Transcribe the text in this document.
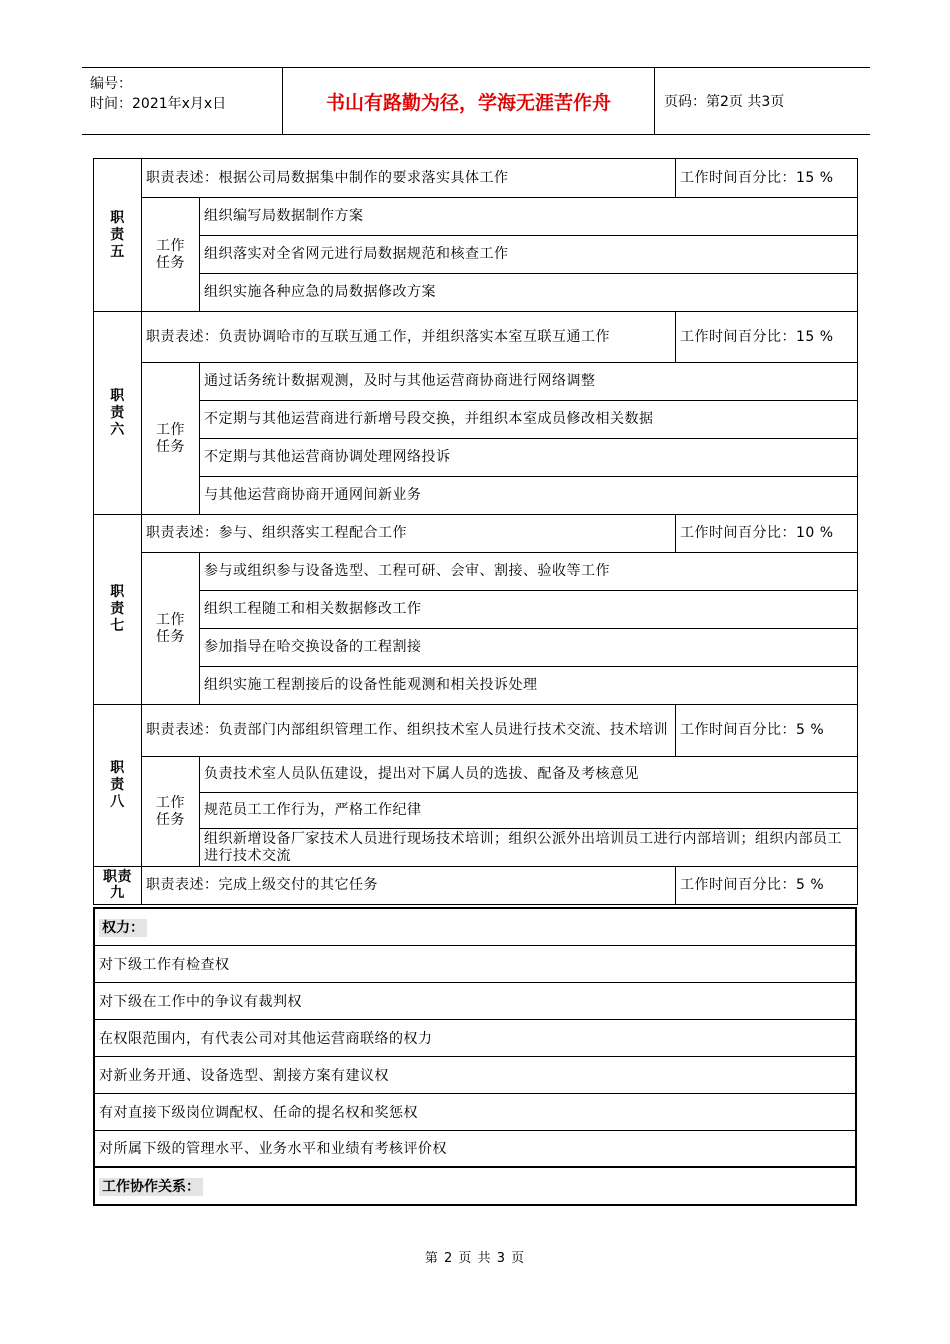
编号：
时间：2021年x月x日	书山有路勤为径，学海无涯苦作舟	页码：第2页 共3页
职
责
五	职责表述：根据公司局数据集中制作的要求落实具体工作		工作时间百分比：15 %
	工作任务	组织编写局数据制作方案	
		组织落实对全省网元进行局数据规范和核查工作	
		组织实施各种应急的局数据修改方案	

职
责
六	职责表述：负责协调哈市的互联互通工作，并组织落实本室互联互通工作		工作时间百分比：15 %
	工作任务	通过话务统计数据观测，及时与其他运营商协商进行网络调整	
		不定期与其他运营商进行新增号段交换，并组织本室成员修改相关数据	
		不定期与其他运营商协调处理网络投诉	
		与其他运营商协商开通网间新业务	

职
责
七	职责表述：参与、组织落实工程配合工作		工作时间百分比：10 %
	工作任务	参与或组织参与设备选型、工程可研、会审、割接、验收等工作	
		组织工程随工和相关数据修改工作	
		参加指导在哈交换设备的工程割接	
		组织实施工程割接后的设备性能观测和相关投诉处理	

职
责
八	职责表述：负责部门内部组织管理工作、组织技术室人员进行技术交流、技术培训		工作时间百分比：5 %
	工作任务	负责技术室人员队伍建设，提出对下属人员的选拔、配备及考核意见	
		规范员工工作行为，严格工作纪律	
		组织新增设备厂家技术人员进行现场技术培训；组织公派外出培训员工进行内部培训；组织内部员工进行技术交流	

职责
九	职责表述：完成上级交付的其它任务		工作时间百分比：5 %
权力：
对下级工作有检查权
对下级在工作中的争议有裁判权
在权限范围内，有代表公司对其他运营商联络的权力
对新业务开通、设备选型、割接方案有建议权
有对直接下级岗位调配权、任命的提名权和奖惩权
对所属下级的管理水平、业务水平和业绩有考核评价权
工作协作关系：
第 2 页 共 3 页
